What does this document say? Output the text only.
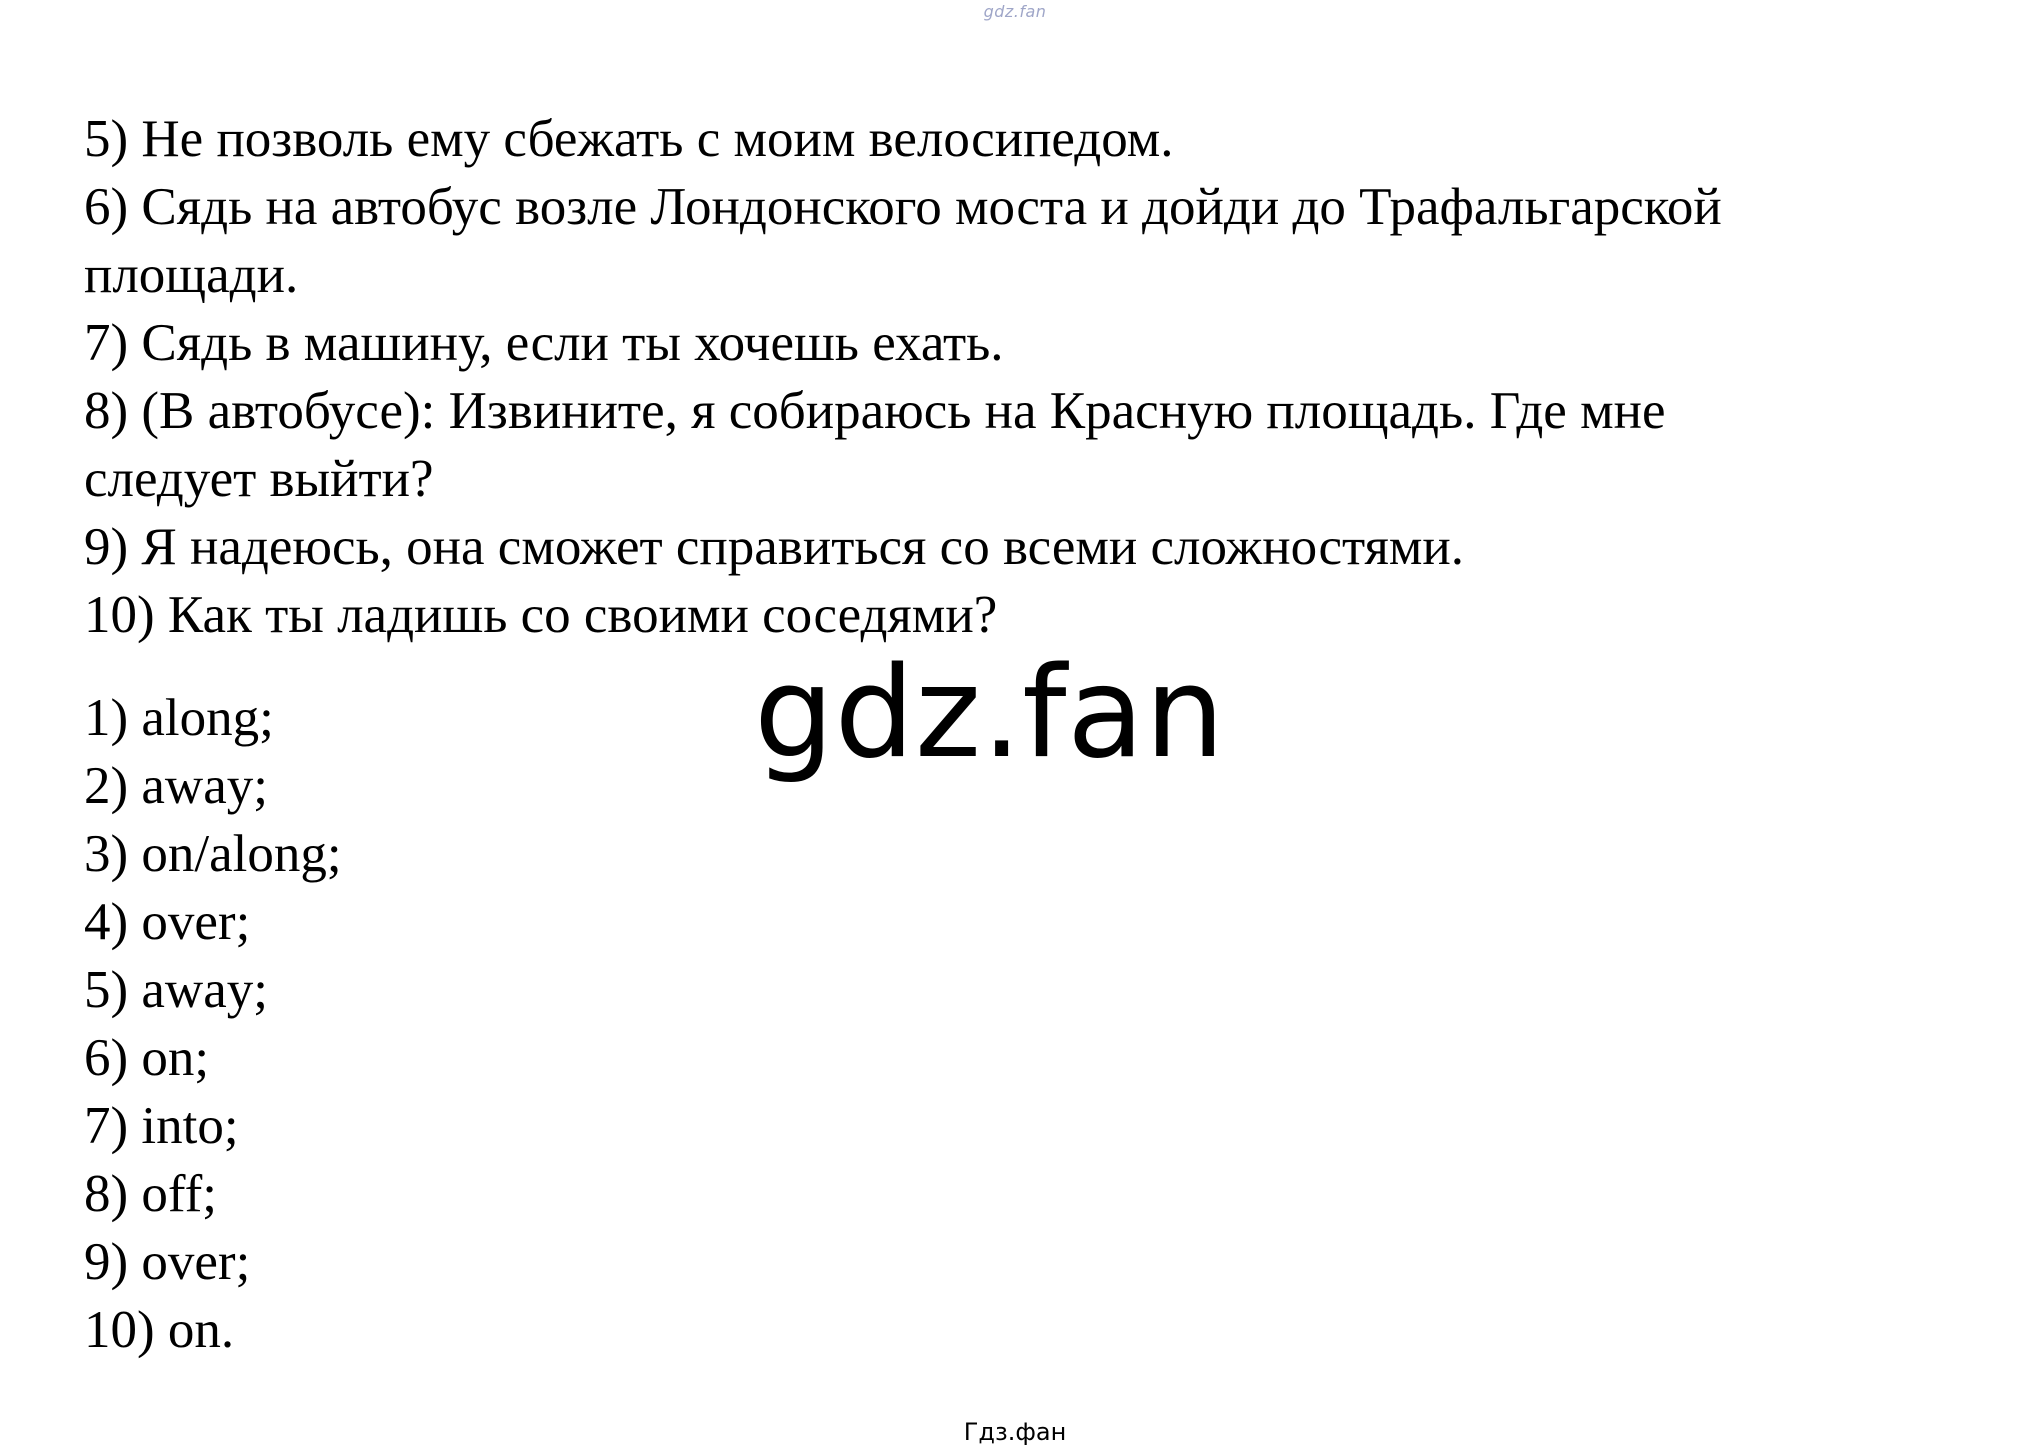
gdz.fan
5) Не позволь ему сбежать с моим велосипедом.
6) Сядь на автобус возле Лондонского моста и дойди до Трафальгарской
площади.
7) Сядь в машину, если ты хочешь ехать.
8) (В автобусе): Извините, я собираюсь на Красную площадь. Где мне
следует выйти?
9) Я надеюсь, она сможет справиться со всеми сложностями.
10) Как ты ладишь со своими соседями?
1) along;
2) away;
3) on/along;
4) over;
5) away;
6) on;
7) into;
8) off;
9) over;
10) on.
gdz.fan
Гдз.фан
